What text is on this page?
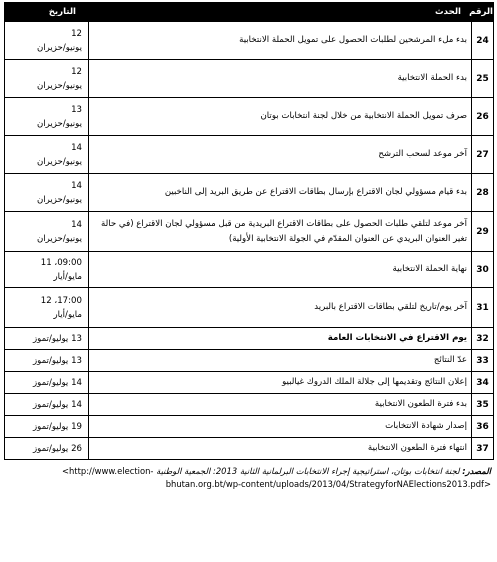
الرقم	الحدث	التاريخ
24	بدء ملء المرشحين لطلبات الحصول على تمويل الحملة الانتخابية	12
يونيو/حزيران

25	بدء الحملة الانتخابية	12
يونيو/حزيران

26	صرف تمويل الحملة الانتخابية من خلال لجنة انتخابات بوتان	13
يونيو/حزيران

27	آخر موعد لسحب الترشح	14
يونيو/حزيران

28	بدء قيام مسؤولي لجان الاقتراع بإرسال بطاقات الاقتراع عن طريق البريد إلى الناخبين	14
يونيو/حزيران

29	آخر موعد لتلقي طلبات الحصول على بطاقات الاقتراع البريدية من قبل مسؤولي لجان الاقتراع (في حالة تغير العنوان البريدي عن العنوان المقدّم في الجولة الانتخابية الأولية)	14
يونيو/حزيران

30	نهاية الحملة الانتخابية	09:00، 11
مايو/أيار

31	آخر يوم/تاريخ لتلقي بطاقات الاقتراع بالبريد	17:00، 12
مايو/أيار

32	يوم الاقتراع في الانتخابات العامة	13 يوليو/تموز

33	عدّ النتائج	13 يوليو/تموز

34	إعلان النتائج وتقديمها إلى جلالة الملك الدروك غيالبيو	14 يوليو/تموز

35	بدء فترة الطعون الانتخابية	14 يوليو/تموز

36	إصدار شهادة الانتخابات	19 يوليو/تموز

37	انتهاء فترة الطعون الانتخابية	26 يوليو/تموز
المصدر: لجنة انتخابات بوتان، استراتيجية إجراء الانتخابات البرلمانية الثانية 2013: الجمعية الوطنية <http://www.election-
bhutan.org.bt/wp-content/uploads/2013/04/StrategyforNAElections2013.pdf>
